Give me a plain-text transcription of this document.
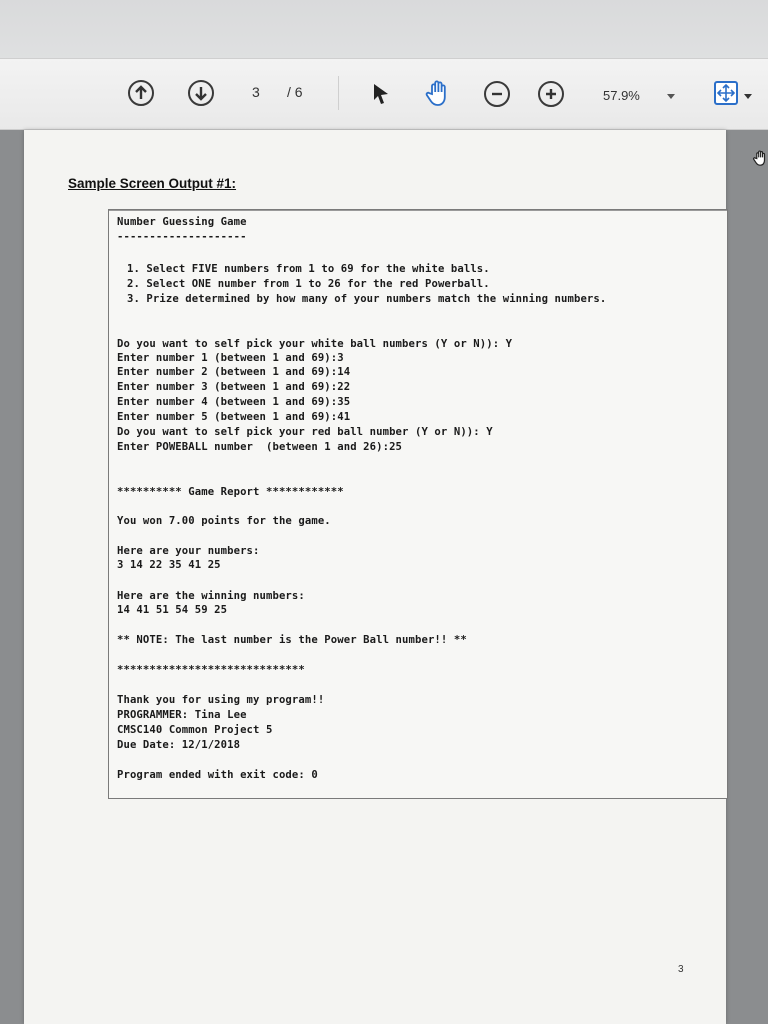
3 / 6	57.9%
Sample Screen Output #1:
Number Guessing Game
--------------------
1. Select FIVE numbers from 1 to 69 for the white balls.
2. Select ONE number from 1 to 26 for the red Powerball.
3. Prize determined by how many of your numbers match the winning numbers.
Do you want to self pick your white ball numbers (Y or N)): Y
Enter number 1 (between 1 and 69):3
Enter number 2 (between 1 and 69):14
Enter number 3 (between 1 and 69):22
Enter number 4 (between 1 and 69):35
Enter number 5 (between 1 and 69):41
Do you want to self pick your red ball number (Y or N)): Y
Enter POWEBALL number  (between 1 and 26):25
********** Game Report ************
You won 7.00 points for the game.
Here are your numbers:
3 14 22 35 41 25
Here are the winning numbers:
14 41 51 54 59 25
** NOTE: The last number is the Power Ball number!! **
*****************************
Thank you for using my program!!
PROGRAMMER: Tina Lee
CMSC140 Common Project 5
Due Date: 12/1/2018
Program ended with exit code: 0
3
